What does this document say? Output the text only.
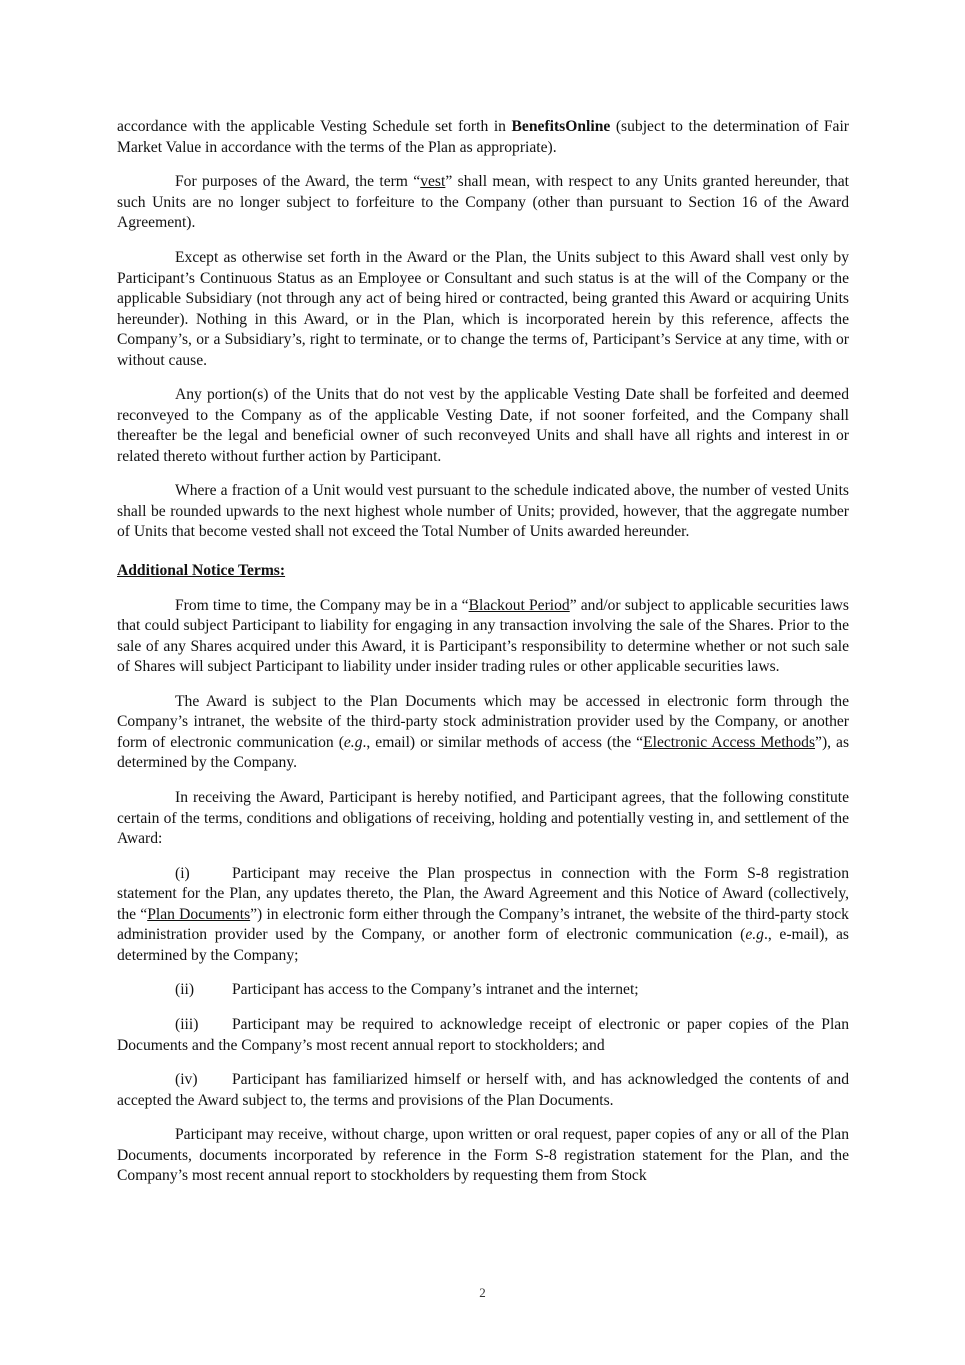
accordance with the applicable Vesting Schedule set forth in BenefitsOnline (subject to the determination of Fair Market Value in accordance with the terms of the Plan as appropriate).

For purposes of the Award, the term “vest” shall mean, with respect to any Units granted hereunder, that such Units are no longer subject to forfeiture to the Company (other than pursuant to Section 16 of the Award Agreement).

Except as otherwise set forth in the Award or the Plan, the Units subject to this Award shall vest only by Participant’s Continuous Status as an Employee or Consultant and such status is at the will of the Company or the applicable Subsidiary (not through any act of being hired or contracted, being granted this Award or acquiring Units hereunder). Nothing in this Award, or in the Plan, which is incorporated herein by this reference, affects the Company’s, or a Subsidiary’s, right to terminate, or to change the terms of, Participant’s Service at any time, with or without cause.

Any portion(s) of the Units that do not vest by the applicable Vesting Date shall be forfeited and deemed reconveyed to the Company as of the applicable Vesting Date, if not sooner forfeited, and the Company shall thereafter be the legal and beneficial owner of such reconveyed Units and shall have all rights and interest in or related thereto without further action by Participant.

Where a fraction of a Unit would vest pursuant to the schedule indicated above, the number of vested Units shall be rounded upwards to the next highest whole number of Units; provided, however, that the aggregate number of Units that become vested shall not exceed the Total Number of Units awarded hereunder.

Additional Notice Terms:

From time to time, the Company may be in a “Blackout Period” and/or subject to applicable securities laws that could subject Participant to liability for engaging in any transaction involving the sale of the Shares. Prior to the sale of any Shares acquired under this Award, it is Participant’s responsibility to determine whether or not such sale of Shares will subject Participant to liability under insider trading rules or other applicable securities laws.

The Award is subject to the Plan Documents which may be accessed in electronic form through the Company’s intranet, the website of the third-party stock administration provider used by the Company, or another form of electronic communication (e.g., email) or similar methods of access (the “Electronic Access Methods”), as determined by the Company.

In receiving the Award, Participant is hereby notified, and Participant agrees, that the following constitute certain of the terms, conditions and obligations of receiving, holding and potentially vesting in, and settlement of the Award:

(i)	Participant may receive the Plan prospectus in connection with the Form S-8 registration statement for the Plan, any updates thereto, the Plan, the Award Agreement and this Notice of Award (collectively, the “Plan Documents”) in electronic form either through the Company’s intranet, the website of the third-party stock administration provider used by the Company, or another form of electronic communication (e.g., e-mail), as determined by the Company;

(ii) Participant has access to the Company’s intranet and the internet;

(iii) Participant may be required to acknowledge receipt of electronic or paper copies of the Plan Documents and the Company’s most recent annual report to stockholders; and

(iv) Participant has familiarized himself or herself with, and has acknowledged the contents of and accepted the Award subject to, the terms and provisions of the Plan Documents.

Participant may receive, without charge, upon written or oral request, paper copies of any or all of the Plan Documents, documents incorporated by reference in the Form S-8 registration statement for the Plan, and the Company’s most recent annual report to stockholders by requesting them from Stock

2
